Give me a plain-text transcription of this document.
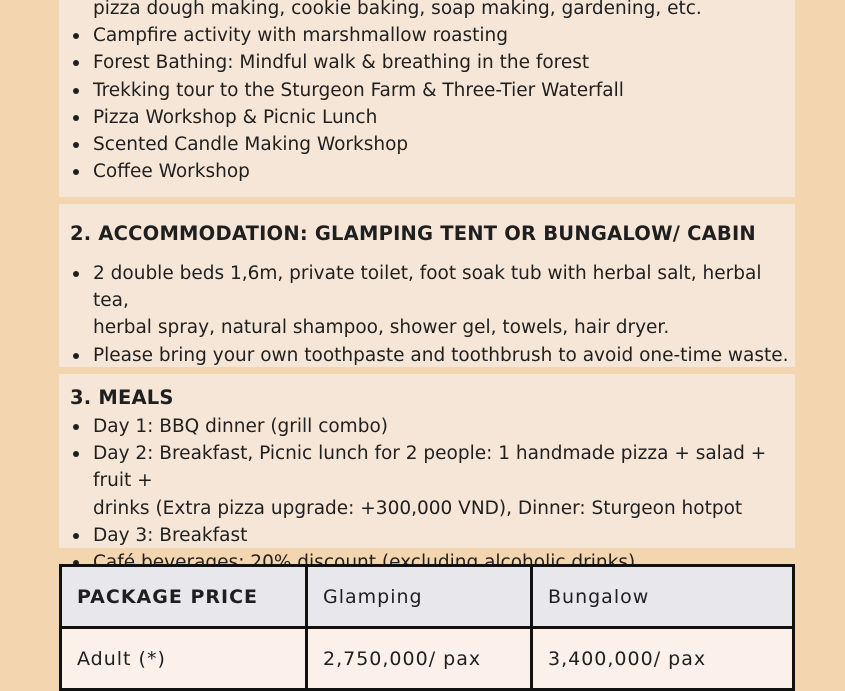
pizza dough making, cookie baking, soap making, gardening, etc.
Campfire activity with marshmallow roasting
Forest Bathing: Mindful walk & breathing in the forest
Trekking tour to the Sturgeon Farm & Three-Tier Waterfall
Pizza Workshop & Picnic Lunch
Scented Candle Making Workshop
Coffee Workshop
2. ACCOMMODATION: GLAMPING TENT OR BUNGALOW/ CABIN
2 double beds 1,6m, private toilet, foot soak tub with herbal salt, herbal tea,
herbal spray, natural shampoo, shower gel, towels, hair dryer.
Please bring your own toothpaste and toothbrush to avoid one-time waste.
3. MEALS
Day 1: BBQ dinner (grill combo)
Day 2: Breakfast, Picnic lunch for 2 people: 1 handmade pizza + salad + fruit +
drinks (Extra pizza upgrade: +300,000 VND), Dinner: Sturgeon hotpot
Day 3: Breakfast
Café beverages: 20% discount (excluding alcoholic drinks)
PACKAGE PRICE	Glamping	Bungalow
Adult (*)	2,750,000/ pax	3,400,000/ pax
